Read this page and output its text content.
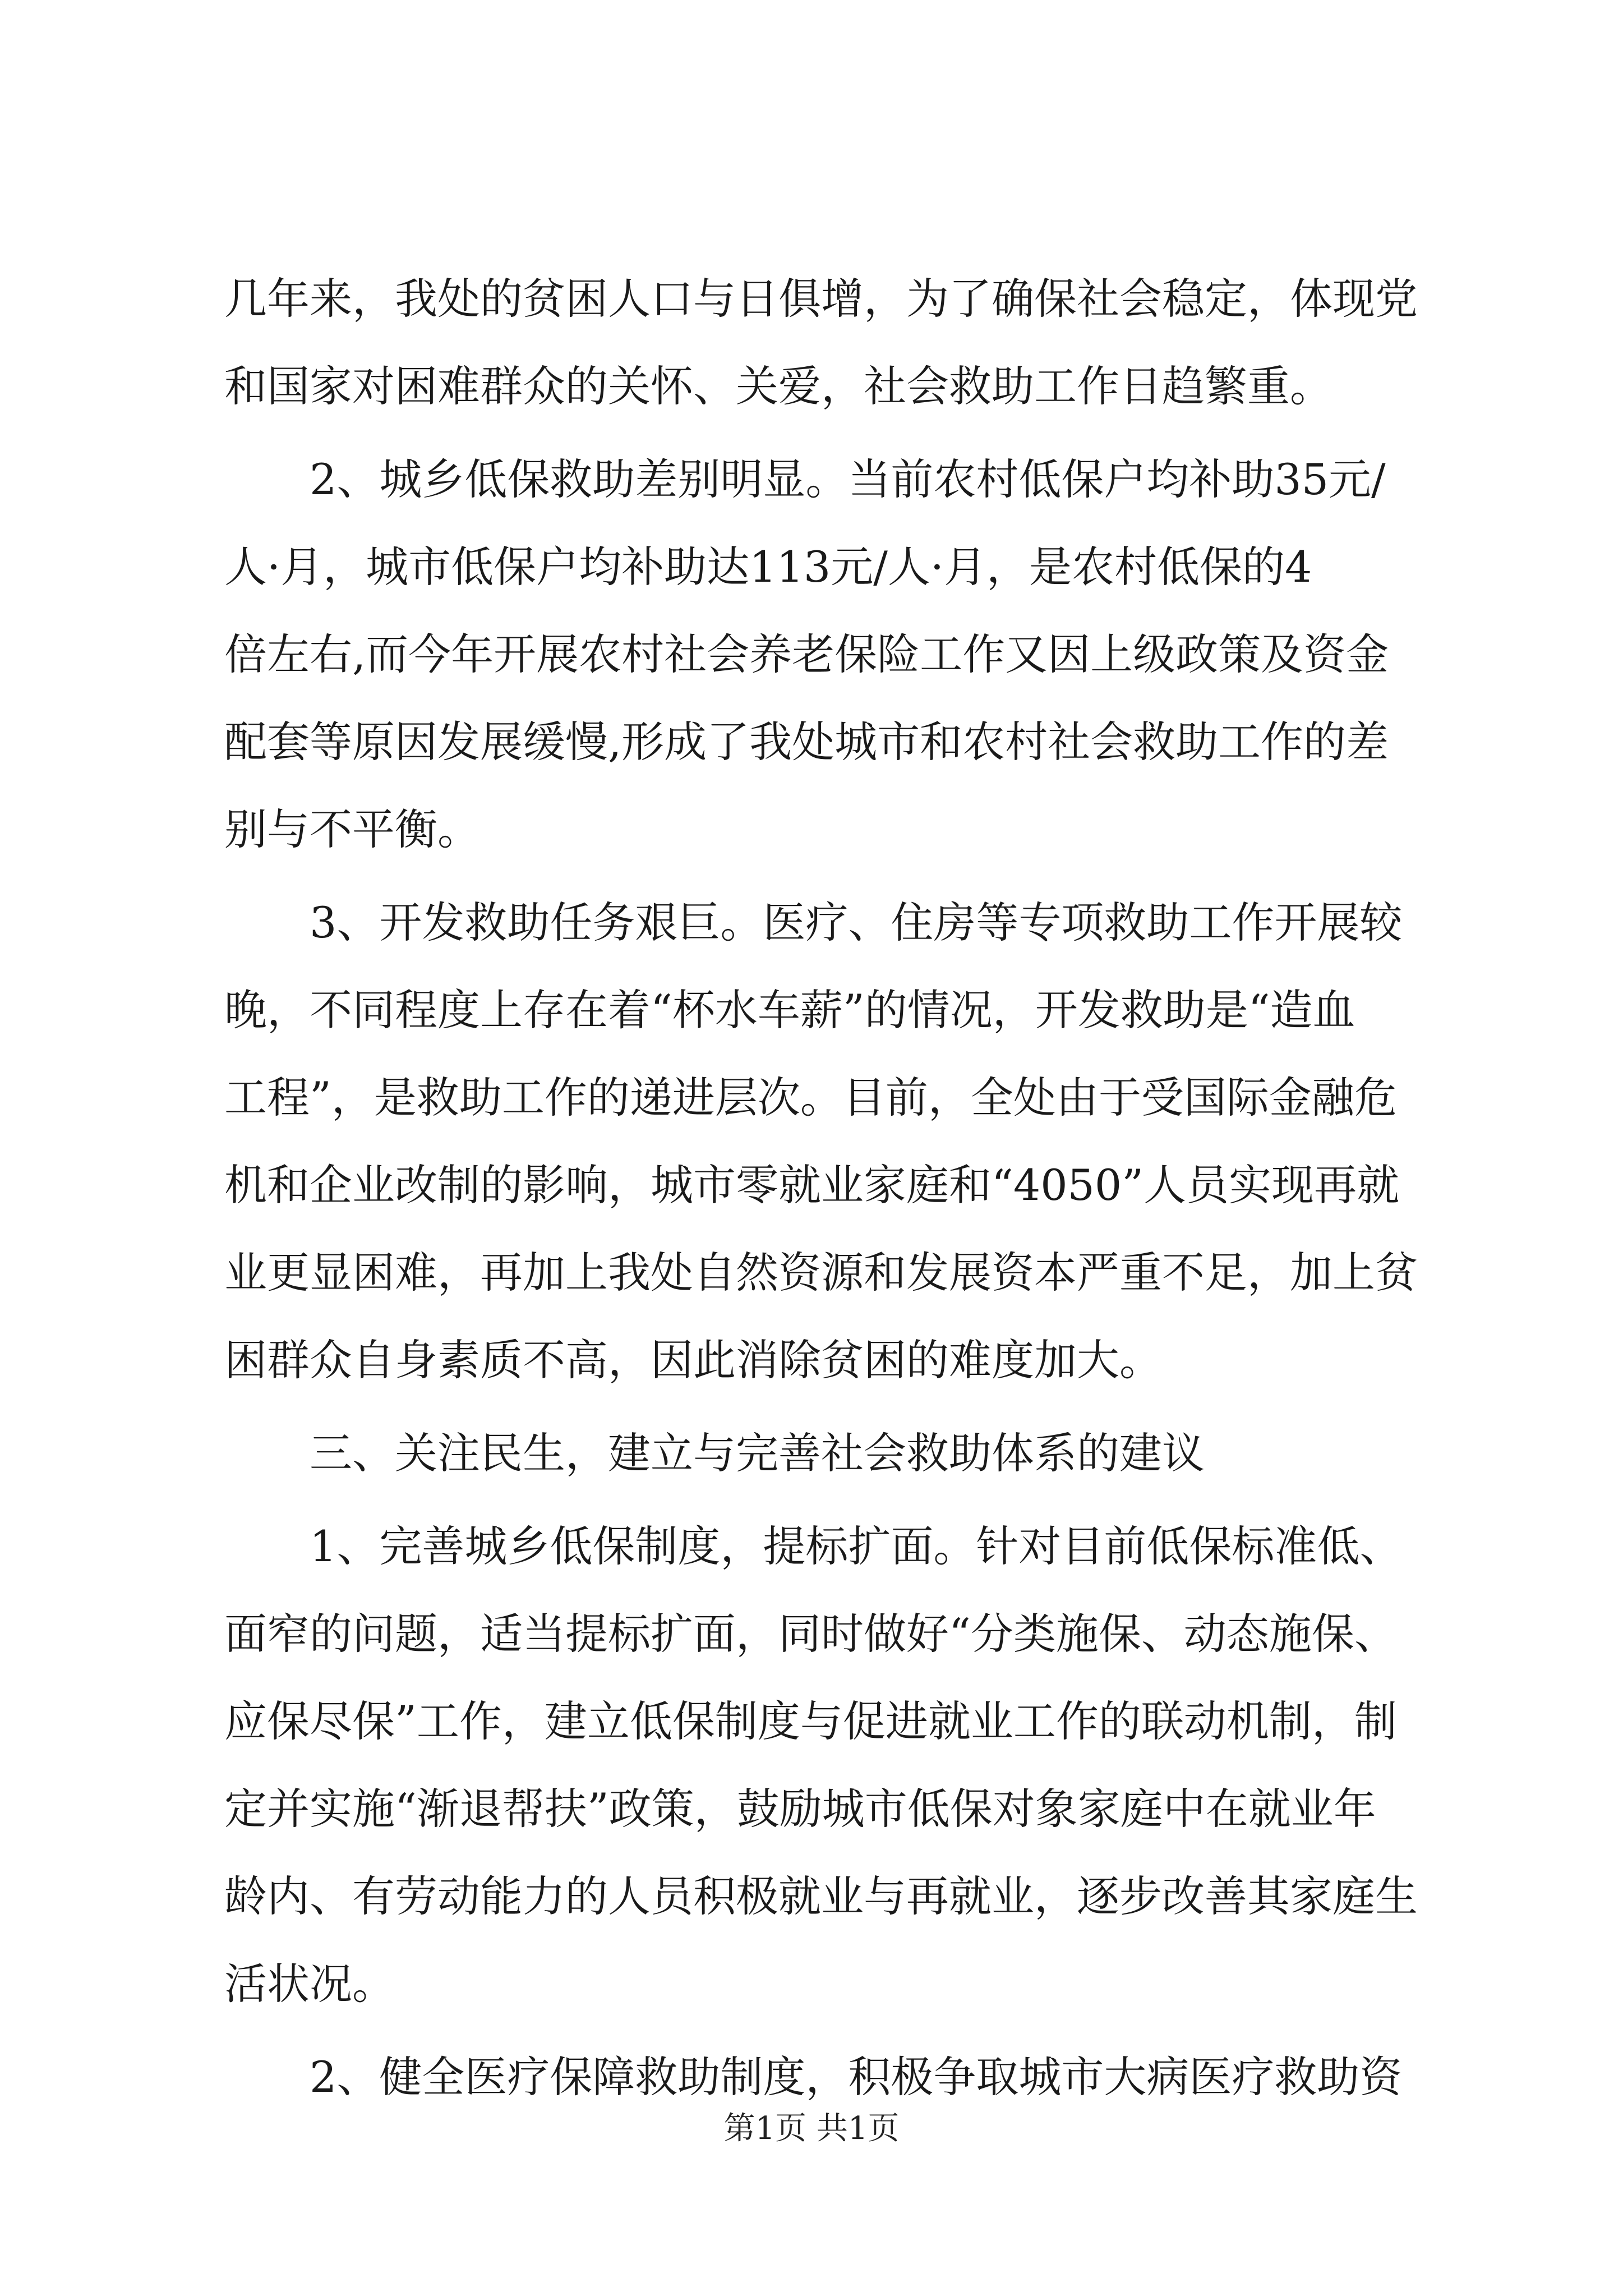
几年来，我处的贫困人口与日俱增，为了确保社会稳定，体现党
和国家对困难群众的关怀、关爱，社会救助工作日趋繁重。
2、城乡低保救助差别明显。当前农村低保户均补助35元/
人·月，城市低保户均补助达113元/人·月，是农村低保的4
倍左右,而今年开展农村社会养老保险工作又因上级政策及资金
配套等原因发展缓慢,形成了我处城市和农村社会救助工作的差
别与不平衡。
3、开发救助任务艰巨。医疗、住房等专项救助工作开展较
晚，不同程度上存在着“杯水车薪”的情况，开发救助是“造血
工程”，是救助工作的递进层次。目前，全处由于受国际金融危
机和企业改制的影响，城市零就业家庭和“4050”人员实现再就
业更显困难，再加上我处自然资源和发展资本严重不足，加上贫
困群众自身素质不高，因此消除贫困的难度加大。
三、关注民生，建立与完善社会救助体系的建议
1、完善城乡低保制度，提标扩面。针对目前低保标准低、
面窄的问题，适当提标扩面，同时做好“分类施保、动态施保、
应保尽保”工作，建立低保制度与促进就业工作的联动机制，制
定并实施“渐退帮扶”政策，鼓励城市低保对象家庭中在就业年
龄内、有劳动能力的人员积极就业与再就业，逐步改善其家庭生
活状况。
2、健全医疗保障救助制度，积极争取城市大病医疗救助资
第1页 共1页
